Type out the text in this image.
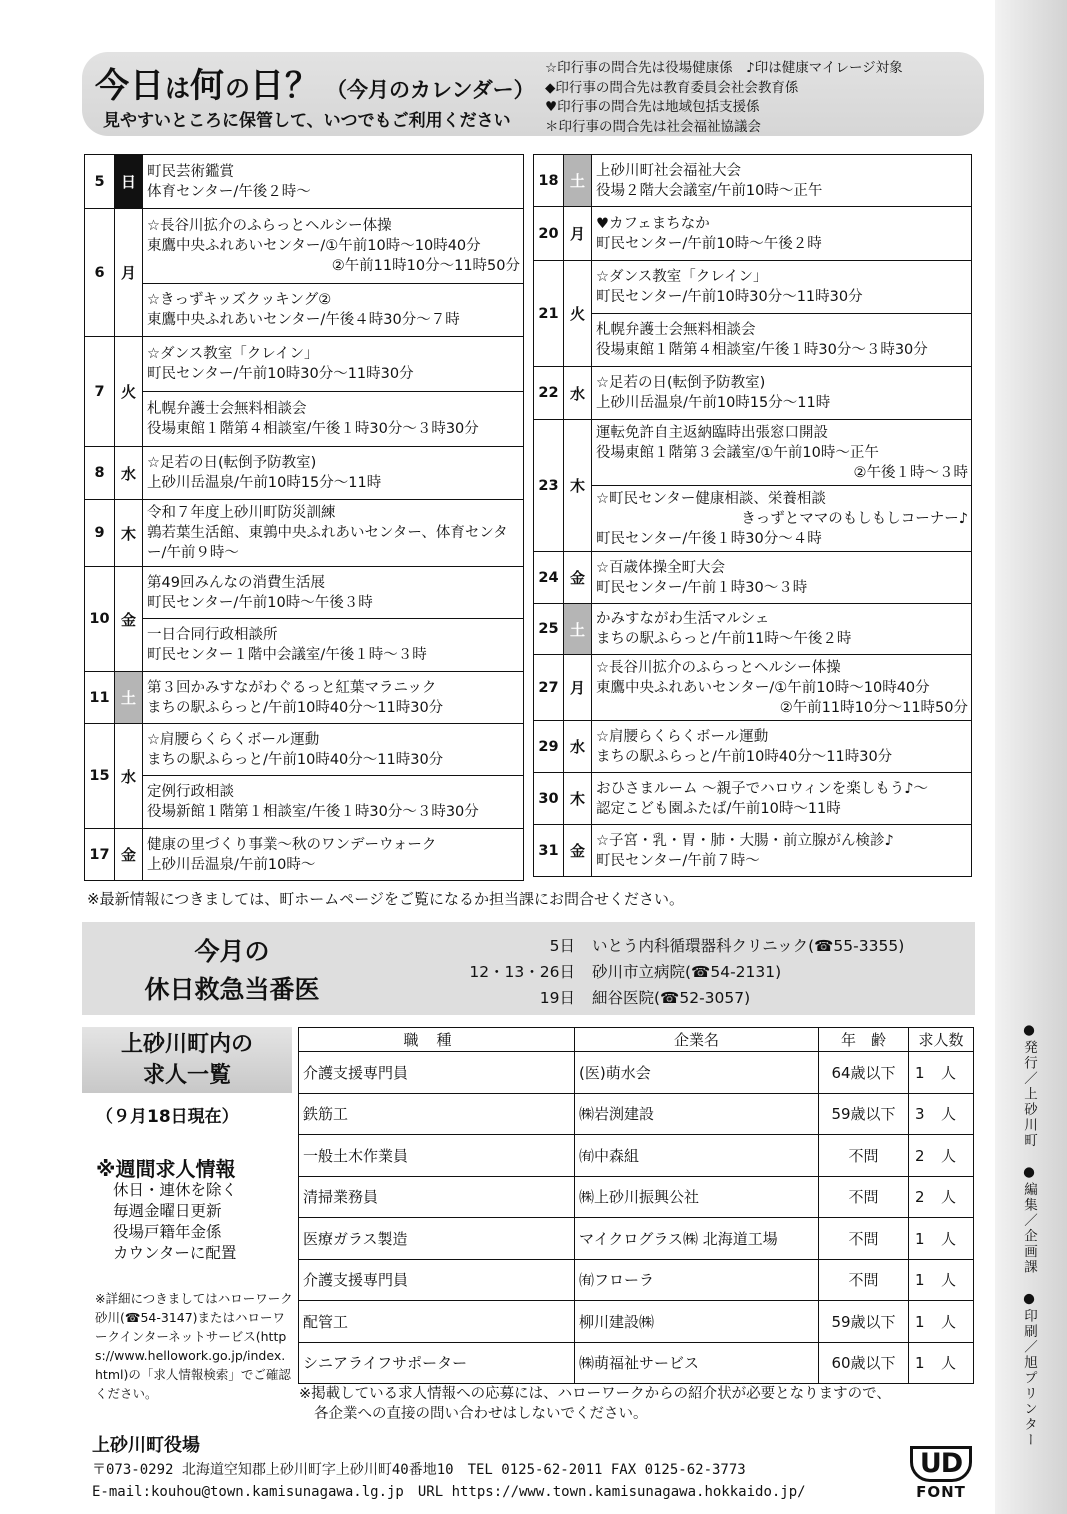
●発行／上砂川町　●編集／企画課　●印刷／旭プリンター
今日は何の日？ （今月のカレンダー）
見やすいところに保管して、いつでもご利用ください
☆印行事の問合先は役場健康係　♪印は健康マイレージ対象
◆印行事の問合先は教育委員会社会教育係
♥印行事の問合先は地域包括支援係
＊印行事の問合先は社会福祉協議会
5	日	町民芸術鑑賞
体育センター/午後２時～

6	月	☆長谷川拡介のふらっとヘルシー体操
東鷹中央ふれあいセンター/①午前10時～10時40分
②午前11時10分～11時50分

		☆きっずキッズクッキング②
東鷹中央ふれあいセンター/午後４時30分～７時

7	火	☆ダンス教室「クレイン」
町民センター/午前10時30分～11時30分

		札幌弁護士会無料相談会
役場東館１階第４相談室/午後１時30分～３時30分

8	水	☆足若の日(転倒予防教室)
上砂川岳温泉/午前10時15分～11時

9	木	令和７年度上砂川町防災訓練
鶉若葉生活館、東鶉中央ふれあいセンター、体育センター/午前９時～

10	金	第49回みんなの消費生活展
町民センター/午前10時～午後３時

		一日合同行政相談所
町民センター１階中会議室/午後１時～３時

11	土	第３回かみすながわぐるっと紅葉マラニック
まちの駅ふらっと/午前10時40分～11時30分

15	水	☆肩腰らくらくボール運動
まちの駅ふらっと/午前10時40分～11時30分

		定例行政相談
役場新館１階第１相談室/午後１時30分～３時30分

17	金	健康の里づくり事業～秋のワンデーウォーク
上砂川岳温泉/午前10時～
18	土	上砂川町社会福祉大会
役場２階大会議室/午前10時～正午

20	月	♥カフェまちなか
町民センター/午前10時～午後２時

21	火	☆ダンス教室「クレイン」
町民センター/午前10時30分～11時30分

		札幌弁護士会無料相談会
役場東館１階第４相談室/午後１時30分～３時30分

22	水	☆足若の日(転倒予防教室)
上砂川岳温泉/午前10時15分～11時

23	木	運転免許自主返納臨時出張窓口開設
役場東館１階第３会議室/①午前10時～正午
②午後１時～３時

		☆町民センター健康相談、栄養相談
きっずとママのもしもしコーナー♪
町民センター/午後１時30分～４時

24	金	☆百歳体操全町大会
町民センター/午前１時30～３時

25	土	かみすながわ生活マルシェ
まちの駅ふらっと/午前11時～午後２時

27	月	☆長谷川拡介のふらっとヘルシー体操
東鷹中央ふれあいセンター/①午前10時～10時40分
②午前11時10分～11時50分

29	水	☆肩腰らくらくボール運動
まちの駅ふらっと/午前10時40分～11時30分

30	木	おひさまルーム ～親子でハロウィンを楽しもう♪～
認定こども園ふたば/午前10時～11時

31	金	☆子宮・乳・胃・肺・大腸・前立腺がん検診♪
町民センター/午前７時～
※最新情報につきましては、町ホームページをご覧になるか担当課にお問合せください。
今月の
休日救急当番医
5日 いとう内科循環器科クリニック(☎55-3355)
12・13・26日 砂川市立病院(☎54-2131)
19日 細谷医院(☎52-3057)
上砂川町内の
求人一覧
（９月18日現在）
※週間求人情報
休日・連休を除く
毎週金曜日更新
役場戸籍年金係
カウンターに配置
※詳細につきましてはハローワーク砂川(☎54-3147)またはハローワークインターネットサービス(https://www.hellowork.go.jp/index.html)の「求人情報検索」でご確認ください。
職種	企業名	年　齢	求人数
介護支援専門員	(医)萌水会	64歳以下	1 人
鉄筋工	㈱岩渕建設	59歳以下	3 人
一般土木作業員	㈲中森組	不問	2 人
清掃業務員	㈱上砂川振興公社	不問	2 人
医療ガラス製造	マイクログラス㈱ 北海道工場	不問	1 人
介護支援専門員	㈲フローラ	不問	1 人
配管工	柳川建設㈱	59歳以下	1 人
シニアライフサポーター	㈱萌福祉サービス	60歳以下	1 人
※掲載している求人情報への応募には、ハローワークからの紹介状が必要となりますので、
各企業への直接の問い合わせはしないでください。
上砂川町役場
〒073-0292 北海道空知郡上砂川町字上砂川町40番地10　TEL 0125-62-2011 FAX 0125-62-3773
E-mail:kouhou@town.kamisunagawa.lg.jp　URL https://www.town.kamisunagawa.hokkaido.jp/
UD
FONT
